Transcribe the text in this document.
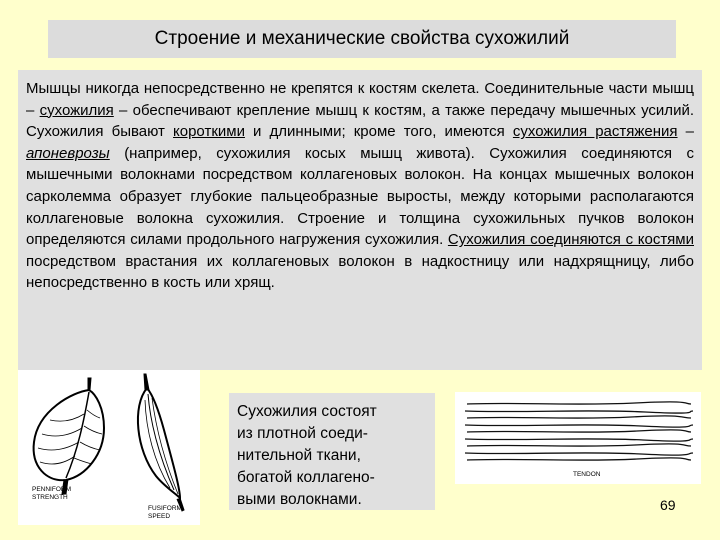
Строение и механические свойства сухожилий

Мышцы никогда непосредственно не крепятся к костям скелета. Соединительные части мышц – сухожилия – обеспечивают крепление мышц к костям, а также передачу мышечных усилий. Сухожилия бывают короткими и длинными; кроме того, имеются сухожилия растяжения – апоневрозы (например, сухожилия косых мышц живота). Сухожилия соединяются с мышечными волокнами посредством коллагеновых волокон. На концах мышечных волокон сарколемма образует глубокие пальцеобразные выросты, между которыми располагаются коллагеновые волокна сухожилия. Строение и толщина сухожильных пучков волокон определяются силами продольного нагружения сухожилия. Сухожилия соединяются с костями посредством врастания их коллагеновых волокон в надкостницу или надхрящницу, либо непосредственно в кость или хрящ.

PENNIFORM
STRENGTH
FUSIFORM
SPEED
Сухожилия состоят
из плотной соеди-
нительной ткани,
богатой коллагено-
выми волокнами.
TENDON
69
